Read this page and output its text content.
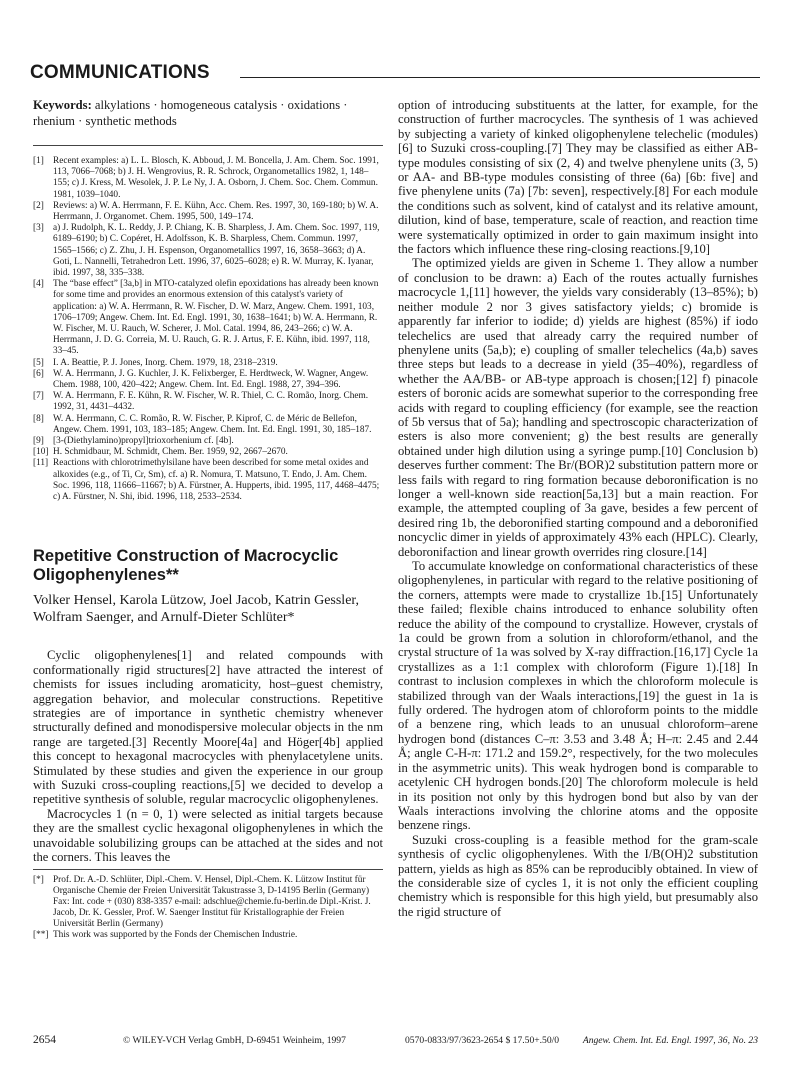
COMMUNICATIONS

Keywords: alkylations · homogeneous catalysis · oxidations · rhenium · synthetic methods

[1] Recent examples: a) L. L. Blosch, K. Abboud, J. M. Boncella, J. Am. Chem. Soc. 1991, 113, 7066–7068; b) J. H. Wengrovius, R. R. Schrock, Organometallics 1982, 1, 148–155; c) J. Kress, M. Wesolek, J. P. Le Ny, J. A. Osborn, J. Chem. Soc. Chem. Commun. 1981, 1039–1040.

[2] Reviews: a) W. A. Herrmann, F. E. Kühn, Acc. Chem. Res. 1997, 30, 169-180; b) W. A. Herrmann, J. Organomet. Chem. 1995, 500, 149–174.

[3] a) J. Rudolph, K. L. Reddy, J. P. Chiang, K. B. Sharpless, J. Am. Chem. Soc. 1997, 119, 6189–6190; b) C. Copéret, H. Adolfsson, K. B. Sharpless, Chem. Commun. 1997, 1565–1566; c) Z. Zhu, J. H. Espenson, Organometallics 1997, 16, 3658–3663; d) A. Goti, L. Nannelli, Tetrahedron Lett. 1996, 37, 6025–6028; e) R. W. Murray, K. Iyanar, ibid. 1997, 38, 335–338.

[4] The “base effect” [3a,b] in MTO-catalyzed olefin epoxidations has already been known for some time and provides an enormous extension of this catalyst's variety of application: a) W. A. Herrmann, R. W. Fischer, D. W. Marz, Angew. Chem. 1991, 103, 1706–1709; Angew. Chem. Int. Ed. Engl. 1991, 30, 1638–1641; b) W. A. Herrmann, R. W. Fischer, M. U. Rauch, W. Scherer, J. Mol. Catal. 1994, 86, 243–266; c) W. A. Herrmann, J. D. G. Correia, M. U. Rauch, G. R. J. Artus, F. E. Kühn, ibid. 1997, 118, 33–45.

[5] I. A. Beattie, P. J. Jones, Inorg. Chem. 1979, 18, 2318–2319.

[6] W. A. Herrmann, J. G. Kuchler, J. K. Felixberger, E. Herdtweck, W. Wagner, Angew. Chem. 1988, 100, 420–422; Angew. Chem. Int. Ed. Engl. 1988, 27, 394–396.

[7] W. A. Herrmann, F. E. Kühn, R. W. Fischer, W. R. Thiel, C. C. Romão, Inorg. Chem. 1992, 31, 4431–4432.

[8] W. A. Herrmann, C. C. Romão, R. W. Fischer, P. Kiprof, C. de Méric de Bellefon, Angew. Chem. 1991, 103, 183–185; Angew. Chem. Int. Ed. Engl. 1991, 30, 185–187.

[9] [3-(Diethylamino)propyl]trioxorhenium cf. [4b].

[10] H. Schmidbaur, M. Schmidt, Chem. Ber. 1959, 92, 2667–2670.

[11] Reactions with chlorotrimethylsilane have been described for some metal oxides and alkoxides (e.g., of Ti, Cr, Sm), cf. a) R. Nomura, T. Matsuno, T. Endo, J. Am. Chem. Soc. 1996, 118, 11666–11667; b) A. Fürstner, A. Hupperts, ibid. 1995, 117, 4468–4475; c) A. Fürstner, N. Shi, ibid. 1996, 118, 2533–2534.

Repetitive Construction of Macrocyclic Oligophenylenes**

Volker Hensel, Karola Lützow, Joel Jacob, Katrin Gessler, Wolfram Saenger, and Arnulf-Dieter Schlüter*

Cyclic oligophenylenes[1] and related compounds with conformationally rigid structures[2] have attracted the interest of chemists for issues including aromaticity, host–guest chemistry, aggregation behavior, and molecular constructions. Repetitive strategies are of importance in synthetic chemistry whenever structurally defined and monodispersive molecular objects in the nm range are targeted.[3] Recently Moore[4a] and Höger[4b] applied this concept to hexagonal macrocycles with phenylacetylene units. Stimulated by these studies and given the experience in our group with Suzuki cross-coupling reactions,[5] we decided to develop a repetitive synthesis of soluble, regular macrocyclic oligophenylenes.

Macrocycles 1 (n = 0, 1) were selected as initial targets because they are the smallest cyclic hexagonal oligophenylenes in which the unavoidable solubilizing groups can be attached at the sides and not the corners. This leaves the

[*] Prof. Dr. A.-D. Schlüter, Dipl.-Chem. V. Hensel, Dipl.-Chem. K. Lützow Institut für Organische Chemie der Freien Universität Takustrasse 3, D-14195 Berlin (Germany) Fax: Int. code + (030) 838-3357 e-mail: adschlue@chemie.fu-berlin.de Dipl.-Krist. J. Jacob, Dr. K. Gessler, Prof. W. Saenger Institut für Kristallographie der Freien Universität Berlin (Germany)

[**] This work was supported by the Fonds der Chemischen Industrie.

option of introducing substituents at the latter, for example, for the construction of further macrocycles. The synthesis of 1 was achieved by subjecting a variety of kinked oligophenylene telechelic (modules)[6] to Suzuki cross-coupling.[7] They may be classified as either AB-type modules consisting of six (2, 4) and twelve phenylene units (3, 5) or AA- and BB-type modules consisting of three (6a) [6b: five] and five phenylene units (7a) [7b: seven], respectively.[8] For each module the conditions such as solvent, kind of catalyst and its relative amount, dilution, kind of base, temperature, scale of reaction, and reaction time were systematically optimized in order to gain maximum insight into the factors which influence these ring-closing reactions.[9,10]

The optimized yields are given in Scheme 1. They allow a number of conclusion to be drawn: a) Each of the routes actually furnishes macrocycle 1,[11] however, the yields vary considerably (13–85%); b) neither module 2 nor 3 gives satisfactory yields; c) bromide is apparently far inferior to iodide; d) yields are highest (85%) if iodo telechelics are used that already carry the required number of phenylene units (5a,b); e) coupling of smaller telechelics (4a,b) saves three steps but leads to a decrease in yield (35–40%), regardless of whether the AA/BB- or AB-type approach is chosen;[12] f) pinacole esters of boronic acids are somewhat superior to the corresponding free acids with regard to coupling efficiency (for example, see the reaction of 5b versus that of 5a); handling and spectroscopic characterization of esters is also more convenient; g) the best results are generally obtained under high dilution using a syringe pump.[10] Conclusion b) deserves further comment: The Br/(BOR)2 substitution pattern more or less fails with regard to ring formation because deboronification is no longer a well-known side reaction[5a,13] but a main reaction. For example, the attempted coupling of 3a gave, besides a few percent of desired ring 1b, the deboronified starting compound and a deboronified noncyclic dimer in yields of approximately 43% each (HPLC). Clearly, deboronifaction and linear growth overrides ring closure.[14]

To accumulate knowledge on conformational characteristics of these oligophenylenes, in particular with regard to the relative positioning of the corners, attempts were made to crystallize 1b.[15] Unfortunately these failed; flexible chains introduced to enhance solubility often reduce the ability of the compound to crystallize. However, crystals of 1a could be grown from a solution in chloroform/ethanol, and the crystal structure of 1a was solved by X-ray diffraction.[16,17] Cycle 1a crystallizes as a 1:1 complex with chloroform (Figure 1).[18] In contrast to inclusion complexes in which the chloroform molecule is stabilized through van der Waals interactions,[19] the guest in 1a is fully ordered. The hydrogen atom of chloroform points to the middle of a benzene ring, which leads to an unusual chloroform–arene hydrogen bond (distances C–π: 3.53 and 3.48 Å; H–π: 2.45 and 2.44 Å; angle C-H-π: 171.2 and 159.2°, respectively, for the two molecules in the asymmetric units). This weak hydrogen bond is comparable to acetylenic CH hydrogen bonds.[20] The chloroform molecule is held in its position not only by this hydrogen bond but also by van der Waals interactions involving the chlorine atoms and the opposite benzene rings.

Suzuki cross-coupling is a feasible method for the gram-scale synthesis of cyclic oligophenylenes. With the I/B(OH)2 substitution pattern, yields as high as 85% can be reproducibly obtained. In view of the considerable size of cycles 1, it is not only the efficient coupling chemistry which is responsible for this high yield, but presumably also the rigid structure of

2654	© WILEY-VCH Verlag GmbH, D-69451 Weinheim, 1997	0570-0833/97/3623-2654 $ 17.50+.50/0 Angew. Chem. Int. Ed. Engl. 1997, 36, No. 23
